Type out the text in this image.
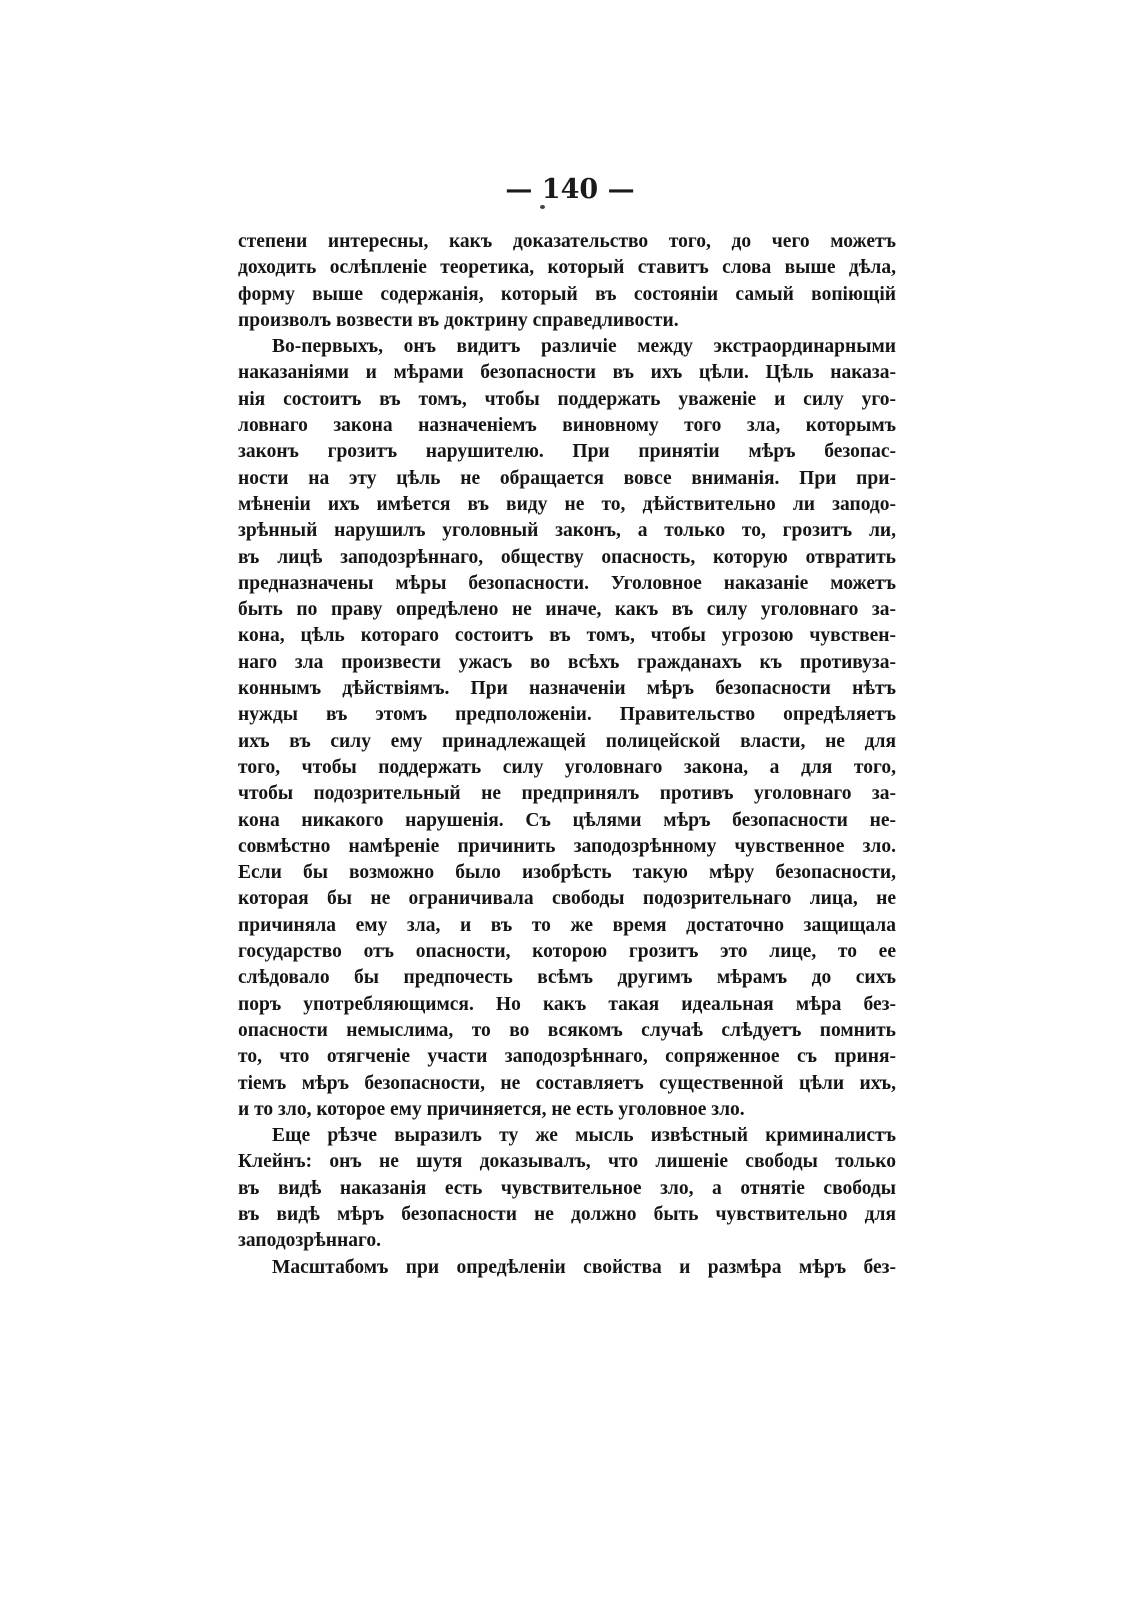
— 140 —
степени интересны, какъ доказательство того, до чего можетъ
доходить ослѣпленіе теоретика, который ставитъ слова выше дѣла,
форму выше содержанія, который въ состояніи самый вопіющій
произволъ возвести въ доктрину справедливости.
Во-первыхъ, онъ видитъ различіе между экстраординарными
наказаніями и мѣрами безопасности въ ихъ цѣли. Цѣль наказа-
нія состоитъ въ томъ, чтобы поддержать уваженіе и силу уго-
ловнаго закона назначеніемъ виновному того зла, которымъ
законъ грозитъ нарушителю. При принятіи мѣръ безопас-
ности на эту цѣль не обращается вовсе вниманія. При при-
мѣненіи ихъ имѣется въ виду не то, дѣйствительно ли заподо-
зрѣнный нарушилъ уголовный законъ, а только то, грозитъ ли,
въ лицѣ заподозрѣннаго, обществу опасность, которую отвратить
предназначены мѣры безопасности. Уголовное наказаніе можетъ
быть по праву опредѣлено не иначе, какъ въ силу уголовнаго за-
кона, цѣль котораго состоитъ въ томъ, чтобы угрозою чувствен-
наго зла произвести ужасъ во всѣхъ гражданахъ къ противуза-
коннымъ дѣйствіямъ. При назначеніи мѣръ безопасности нѣтъ
нужды въ этомъ предположеніи. Правительство опредѣляетъ
ихъ въ силу ему принадлежащей полицейской власти, не для
того, чтобы поддержать силу уголовнаго закона, а для того,
чтобы подозрительный не предпринялъ противъ уголовнаго за-
кона никакого нарушенія. Съ цѣлями мѣръ безопасности не-
совмѣстно намѣреніе причинить заподозрѣнному чувственное зло.
Если бы возможно было изобрѣсть такую мѣру безопасности,
которая бы не ограничивала свободы подозрительнаго лица, не
причиняла ему зла, и въ то же время достаточно защищала
государство отъ опасности, которою грозитъ это лице, то ее
слѣдовало бы предпочесть всѣмъ другимъ мѣрамъ до сихъ
поръ употребляющимся. Но какъ такая идеальная мѣра без-
опасности немыслима, то во всякомъ случаѣ слѣдуетъ помнить
то, что отягченіе участи заподозрѣннаго, сопряженное съ приня-
тіемъ мѣръ безопасности, не составляетъ существенной цѣли ихъ,
и то зло, которое ему причиняется, не есть уголовное зло.
Еще рѣзче выразилъ ту же мысль извѣстный криминалистъ
Клейнъ: онъ не шутя доказывалъ, что лишеніе свободы только
въ видѣ наказанія есть чувствительное зло, а отнятіе свободы
въ видѣ мѣръ безопасности не должно быть чувствительно для
заподозрѣннаго.
Масштабомъ при опредѣленіи свойства и размѣра мѣръ без-
